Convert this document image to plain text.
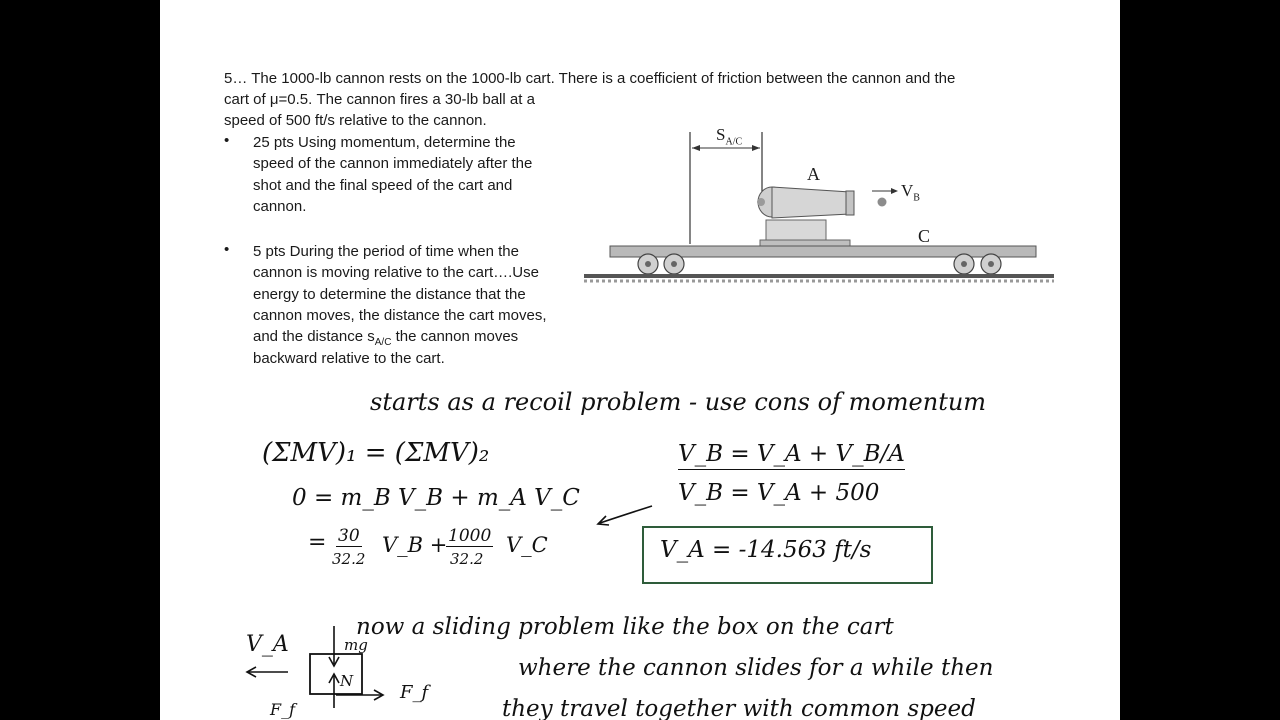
5… The 1000-lb cannon rests on the 1000-lb cart. There is a coefficient of friction between the cannon and the
cart of μ=0.5. The cannon fires a 30-lb ball at a
speed of 500 ft/s relative to the cannon.
• 25 pts Using momentum, determine the
speed of the cannon immediately after the
shot and the final speed of the cart and
cannon.
• 5 pts During the period of time when the
cannon is moving relative to the cart….Use
energy to determine the distance that the
cannon moves, the distance the cart moves,
and the distance $s_{A/C}$ the cannon moves
backward relative to the cart.
$S_{A/C}$
A
$V_B$
C
starts as a recoil problem - use cons of momentum
(ΣMV)₁ = (ΣMV)₂
0 = m_B V_B + m_A V_C
= 30
32.2
V_B + 1000
32.2
V_C
V_B = V_A + V_B/A
V_B = V_A + 500
V_A = -14.563 ft/s
now a sliding problem like the box on the cart
where the cannon slides for a while then
they travel together with common speed
V_A	mg
N
F_f
F_f
